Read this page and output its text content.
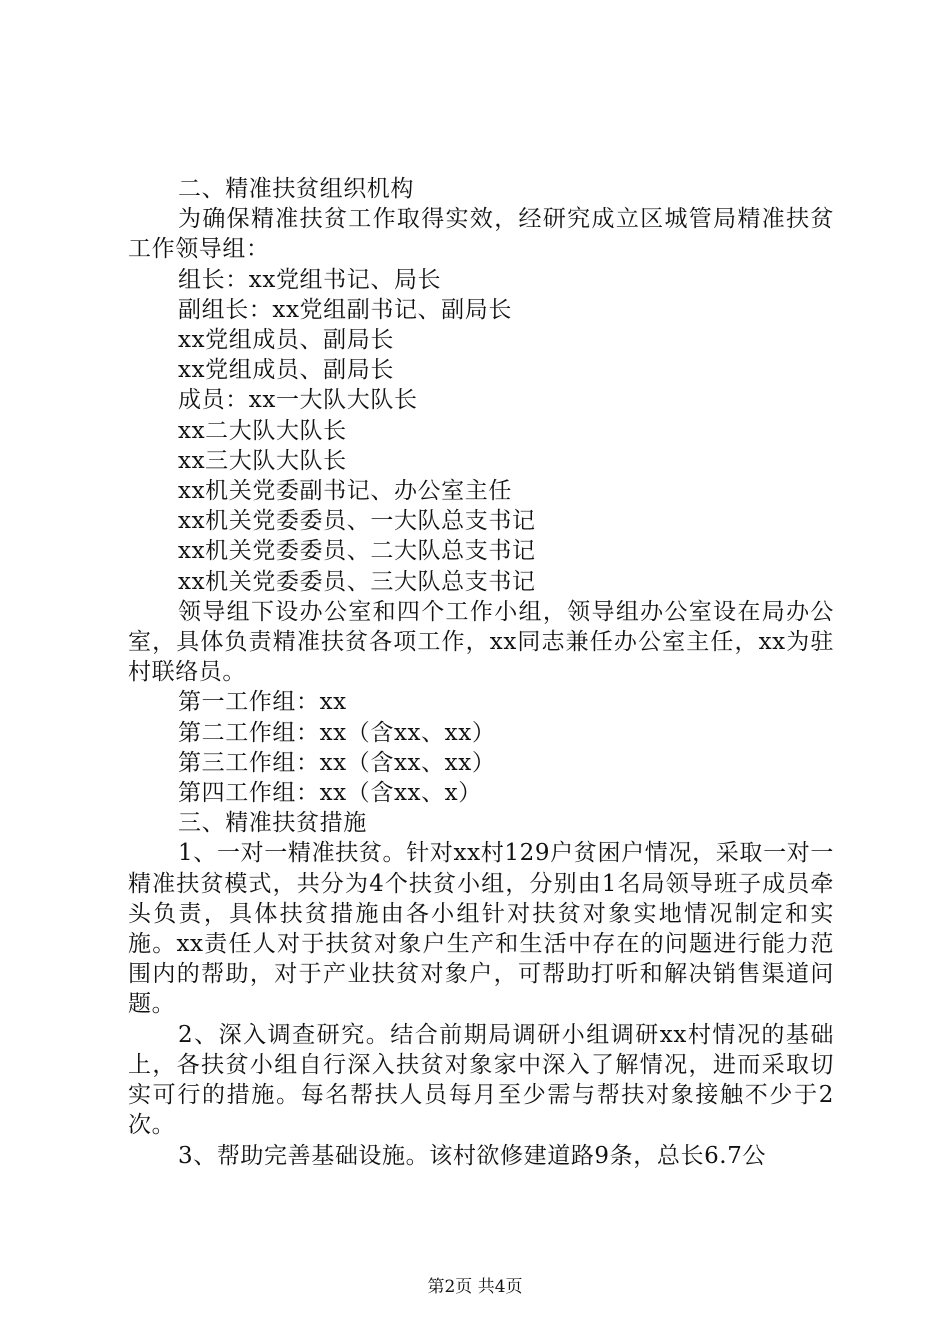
二、精准扶贫组织机构

为确保精准扶贫工作取得实效，经研究成立区城管局精准扶贫工作领导组：

组长：xx党组书记、局长

副组长：xx党组副书记、副局长

xx党组成员、副局长

xx党组成员、副局长

成员：xx一大队大队长

xx二大队大队长

xx三大队大队长

xx机关党委副书记、办公室主任

xx机关党委委员、一大队总支书记

xx机关党委委员、二大队总支书记

xx机关党委委员、三大队总支书记

领导组下设办公室和四个工作小组，领导组办公室设在局办公室，具体负责精准扶贫各项工作，xx同志兼任办公室主任，xx为驻村联络员。

第一工作组：xx

第二工作组：xx（含xx、xx）

第三工作组：xx（含xx、xx）

第四工作组：xx（含xx、x）

三、精准扶贫措施

1、一对一精准扶贫。针对xx村129户贫困户情况，采取一对一精准扶贫模式，共分为4个扶贫小组，分别由1名局领导班子成员牵头负责，具体扶贫措施由各小组针对扶贫对象实地情况制定和实施。xx责任人对于扶贫对象户生产和生活中存在的问题进行能力范围内的帮助，对于产业扶贫对象户，可帮助打听和解决销售渠道问题。

2、深入调查研究。结合前期局调研小组调研xx村情况的基础上，各扶贫小组自行深入扶贫对象家中深入了解情况，进而采取切实可行的措施。每名帮扶人员每月至少需与帮扶对象接触不少于2次。

3、帮助完善基础设施。该村欲修建道路9条，总长6.7公

第2页 共4页
